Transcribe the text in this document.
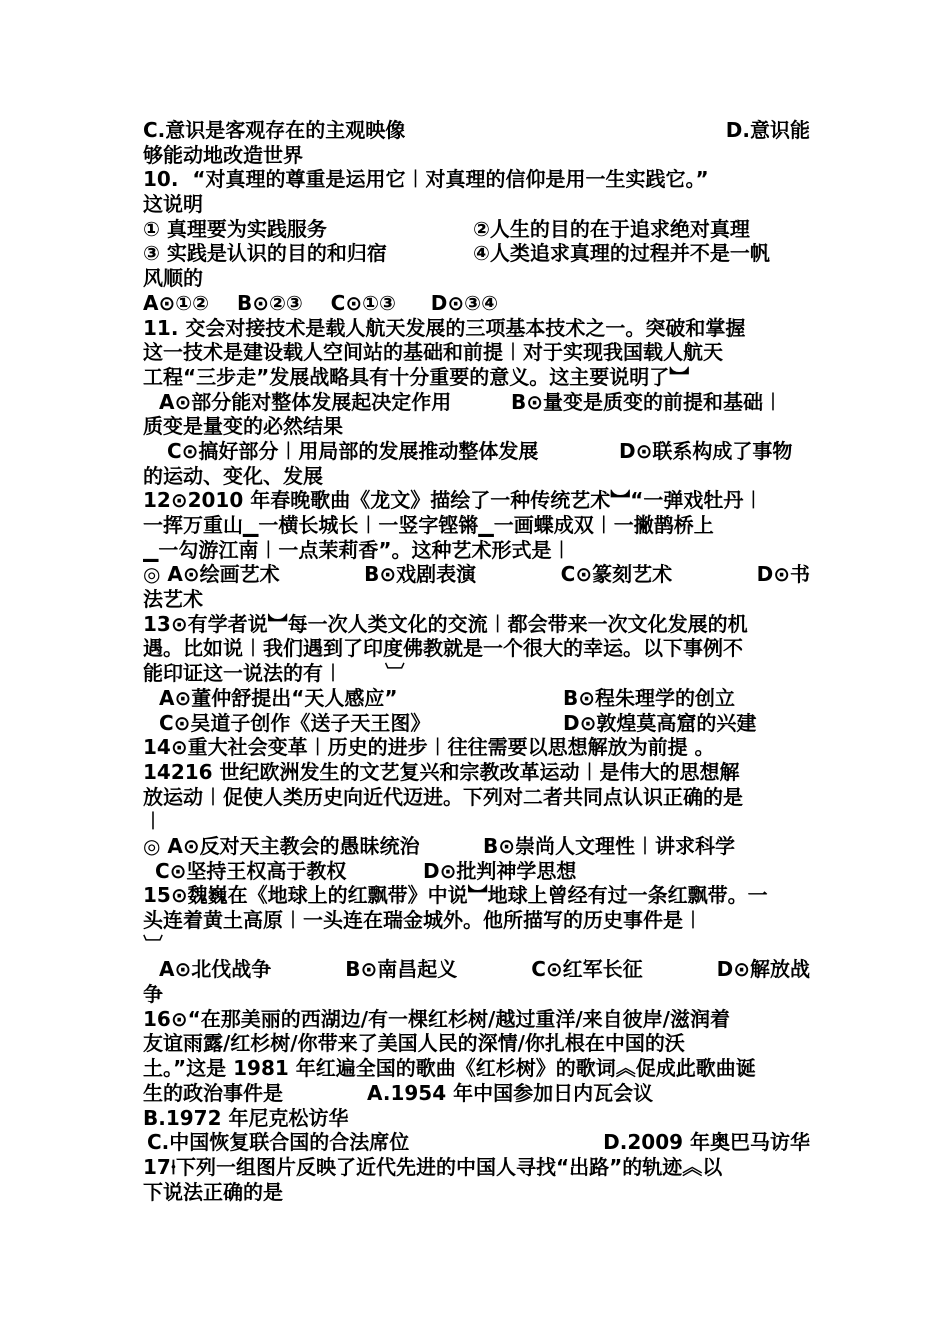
C.意识是客观存在的主观映像	D.意识能
够能动地改造世界
10.  “对真理的尊重是运用它︱对真理的信仰是用一生实践它。”
这说明
① 真理要为实践服务	②人生的目的在于追求绝对真理
③ 实践是认识的目的和归宿	④人类追求真理的过程并不是一帆
风顺的
A⊙①②    B⊙②③    C⊙①③     D⊙③④
11. 交会对接技术是载人航天发展的三项基本技术之一。突破和掌握
这一技术是建设载人空间站的基础和前提︱对于实现我国载人航天
工程“三步走”发展战略具有十分重要的意义。这主要说明了︼
A⊙部分能对整体发展起决定作用	B⊙量变是质变的前提和基础︱
质变是量变的必然结果
C⊙搞好部分︱用局部的发展推动整体发展	D⊙联系构成了事物
的运动、变化、发展
12⊙2010 年春晚歌曲《龙文》描绘了一种传统艺术︼“一弹戏牡丹︱
一挥万重山▁一横长城长︱一竖字铿锵▁一画蝶成双︱一撇鹊桥上
▁一勾游江南︱一点茉莉香”。这种艺术形式是︱
◎ A⊙绘画艺术	B⊙戏剧表演	C⊙篆刻艺术	D⊙书
法艺术
13⊙有学者说︼每一次人类文化的交流︱都会带来一次文化发展的机
遇。比如说︱我们遇到了印度佛教就是一个很大的幸运。以下事例不
能印证这一说法的有︱      ︺
A⊙董仲舒提出“天人感应”	B⊙程朱理学的创立
C⊙吴道子创作《送子天王图》	D⊙敦煌莫高窟的兴建
14⊙重大社会变革︱历史的进步︱往往需要以思想解放为前提 。
14216 世纪欧洲发生的文艺复兴和宗教改革运动︱是伟大的思想解
放运动︱促使人类历史向近代迈进。下列对二者共同点认识正确的是
︱
◎ A⊙反对天主教会的愚昧统治	B⊙崇尚人文理性︱讲求科学
C⊙坚持王权高于教权	D⊙批判神学思想
15⊙魏巍在《地球上的红飘带》中说︼地球上曾经有过一条红飘带。一
头连着黄土高原︱一头连在瑞金城外。他所描写的历史事件是︱
︺
A⊙北伐战争	B⊙南昌起义	C⊙红军长征	D⊙解放战
争
16⊙“在那美丽的西湖边/有一棵红杉树/越过重洋/来自彼岸/滋润着
友谊雨露/红杉树/你带来了美国人民的深情/你扎根在中国的沃
土。”这是 1981 年红遍全国的歌曲《红杉树》的歌词︽促成此歌曲诞
生的政治事件是	A.1954 年中国参加日内瓦会议
B.1972 年尼克松访华
C.中国恢复联合国的合法席位	D.2009 年奥巴马访华
17⍿下列一组图片反映了近代先进的中国人寻找“出路”的轨迹︽以
下说法正确的是
